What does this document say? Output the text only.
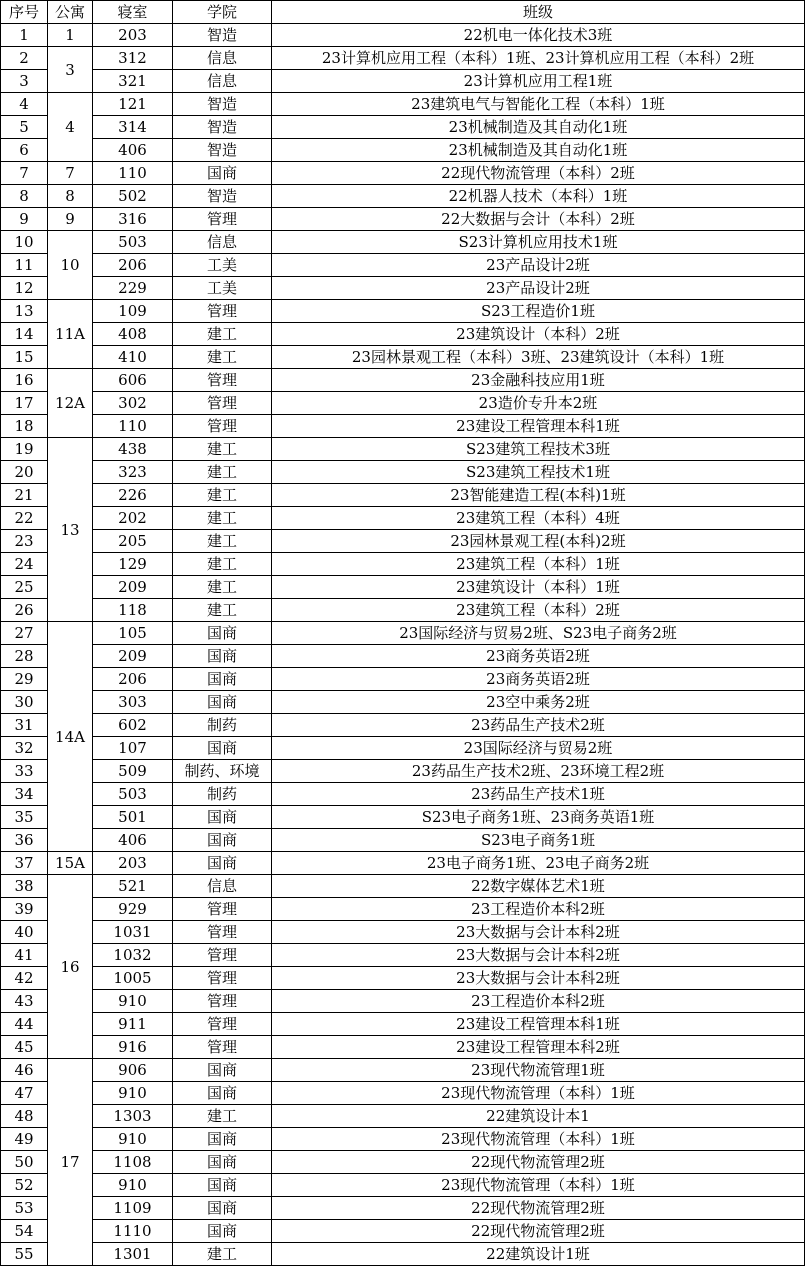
序号	公寓	寝室	学院	班级
1	1	203	智造	22机电一体化技术3班
2	3	312	信息	23计算机应用工程（本科）1班、23计算机应用工程（本科）2班
3		321	信息	23计算机应用工程1班
4	4	121	智造	23建筑电气与智能化工程（本科）1班
5		314	智造	23机械制造及其自动化1班
6		406	智造	23机械制造及其自动化1班
7	7	110	国商	22现代物流管理（本科）2班
8	8	502	智造	22机器人技术（本科）1班
9	9	316	管理	22大数据与会计（本科）2班
10	10	503	信息	S23计算机应用技术1班
11		206	工美	23产品设计2班
12		229	工美	23产品设计2班
13	11A	109	管理	S23工程造价1班
14		408	建工	23建筑设计（本科）2班
15		410	建工	23园林景观工程（本科）3班、23建筑设计（本科）1班
16	12A	606	管理	23金融科技应用1班
17		302	管理	23造价专升本2班
18		110	管理	23建设工程管理本科1班
19	13	438	建工	S23建筑工程技术3班
20		323	建工	S23建筑工程技术1班
21		226	建工	23智能建造工程(本科)1班
22		202	建工	23建筑工程（本科）4班
23		205	建工	23园林景观工程(本科)2班
24		129	建工	23建筑工程（本科）1班
25		209	建工	23建筑设计（本科）1班
26		118	建工	23建筑工程（本科）2班
27	14A	105	国商	23国际经济与贸易2班、S23电子商务2班
28		209	国商	23商务英语2班
29		206	国商	23商务英语2班
30		303	国商	23空中乘务2班
31		602	制药	23药品生产技术2班
32		107	国商	23国际经济与贸易2班
33		509	制药、环境	23药品生产技术2班、23环境工程2班
34		503	制药	23药品生产技术1班
35		501	国商	S23电子商务1班、23商务英语1班
36		406	国商	S23电子商务1班
37	15A	203	国商	23电子商务1班、23电子商务2班
38	16	521	信息	22数字媒体艺术1班
39		929	管理	23工程造价本科2班
40		1031	管理	23大数据与会计本科2班
41		1032	管理	23大数据与会计本科2班
42		1005	管理	23大数据与会计本科2班
43		910	管理	23工程造价本科2班
44		911	管理	23建设工程管理本科1班
45		916	管理	23建设工程管理本科2班
46	17	906	国商	23现代物流管理1班
47		910	国商	23现代物流管理（本科）1班
48		1303	建工	22建筑设计本1
49		910	国商	23现代物流管理（本科）1班
50		1108	国商	22现代物流管理2班
52		910	国商	23现代物流管理（本科）1班
53		1109	国商	22现代物流管理2班
54		1110	国商	22现代物流管理2班
55		1301	建工	22建筑设计1班
